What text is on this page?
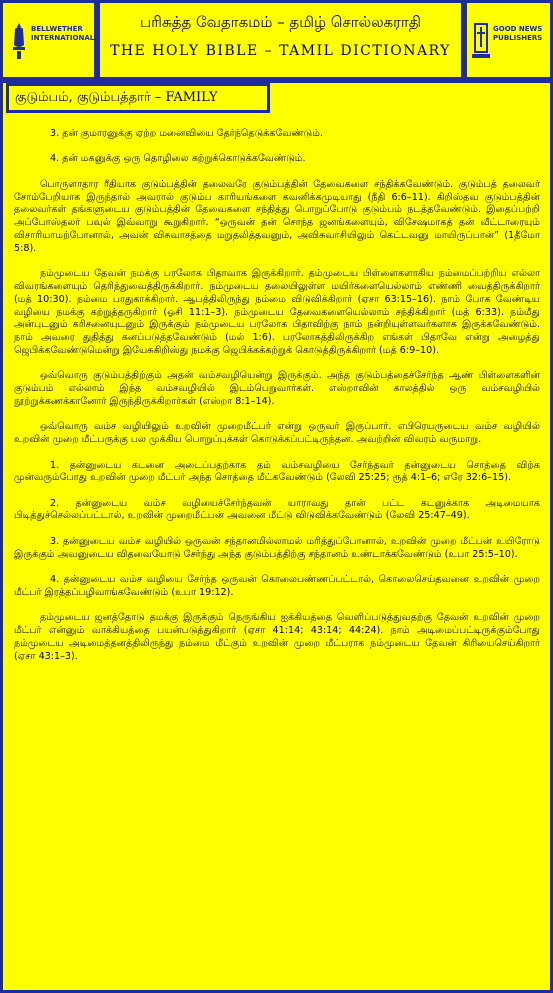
BELLWETHER
INTERNATIONAL
பரிசுத்த வேதாகமம் – தமிழ் சொல்லகராதி
THE HOLY BIBLE – TAMIL DICTIONARY
GOOD NEWS
PUBLISHERS
குடும்பம், குடும்பத்தார் – FAMILY

3. தன் குமாரனுக்கு ஏற்ற மனைவியை தேர்ந்தெடுக்கவேண்டும்.

4. தன் மகனுக்கு ஒரு தொழிலை கற்றுக்கொடுக்கவேண்டும்.

பொருளாதார ரீதியாக குடும்பத்தின் தலைவரே குடும்பத்தின் தேவைகளை சந்திக்கவேண்டும். குடும்பத் தலைவர் சோம்பேறியாக இருந்தால் அவரால் குடும்ப காரியங்களை கவனிக்கமுடியாது (நீதி 6:6–11). கிறிஸ்தவ குடும்பத்தின் தலைவர்கள் தங்களுடைய குடும்பத்தின் தேவைகளை சந்தித்து பொறுப்போடு குடும்பம் நடத்தவேண்டும். இதைப்பற்றி அப்போஸ்தலர் பவுல் இவ்வாறு கூறுகிறார். “ஒருவன் தன் சொந்த ஜனங்களையும், விசேஷமாகத் தன் வீட்டாரையும் விசாரியாமற்போனால், அவன் விசுவாசத்தை மறுதலித்தவனும், அவிசுவாசியிலும் கெட்டவனு மாயிருப்பான்” (1தீமோ 5:8).

நம்முடைய தேவன் நமக்கு பரலோக பிதாவாக இருக்கிறார். தம்முடைய பிள்ளைகளாகிய நம்மைப்பற்றிய எல்லா விவரங்களையும் தெரிந்துவைத்திருக்கிறார். நம்முடைய தலையிலுள்ள மயிர்களையெல்லாம் எண்ணி வைத்திருக்கிறார் (மத் 10:30). நம்மை பாதுகாக்கிறார். ஆபத்திலிருந்து நம்மை விடுவிக்கிறார் (ஏசா 63:15–16). நாம் போக வேண்டிய வழியை நமக்கு கற்றுத்தருகிறார் (ஓசி 11:1–3). நம்முடைய தேவைகளையெல்லாம் சந்திக்கிறார் (மத் 6:33). நம்மீது அன்புடனும் கரிசனையுடனும் இருக்கும் நம்முடைய பரலோக பிதாவிற்கு நாம் நன்றியுள்ளவர்களாக இருக்கவேண்டும். நாம் அவரை துதித்து கனப்படுத்தவேண்டும் (மல் 1:6). பரலோகத்திலிருக்கிற எங்கள் பிதாவே என்று அழைத்து ஜெபிக்கவேண்டுமென்று இயேசுகிறிஸ்து நமக்கு ஜெபிக்கக்கற்றுக் கொடுத்திருக்கிறார் (மத் 6:9–10).

ஒவ்வொரு குடும்பத்திற்கும் அதன் வம்சவழியென்று இருக்கும். அந்த குடும்பத்தைச்சேர்ந்த ஆண் பிள்ளைகளின் குடும்பம் எல்லாம் இந்த வம்சவழியில் இடம்பெறுவார்கள். எஸ்றாவின் காலத்தில் ஒரு வம்சவழியில் நூற்றுக்கணக்கானோர் இருந்திருக்கிறார்கள் (எஸ்றா 8:1–14).

ஒவ்வொரு வம்ச வழியிலும் உறவின் முறைமீட்பர் என்று ஒருவர் இருப்பார். எபிரெயருடைய வம்ச வழியில் உறவின் முறை மீட்பருக்கு பல முக்கிய பொறுப்புக்கள் கொடுக்கப்பட்டிருந்தன. அவற்றின் விவரம் வருமாறு.

1. தன்னுடைய கடனை அடைப்பதற்காக தம் வம்சவழியை சேர்ந்தவர் தன்னுடைய சொத்தை விற்க முன்வரும்போது உறவின் முறை மீட்பர் அந்த சொத்தை மீட்கவேண்டும் (லேவி 25:25; ரூத் 4:1–6; எரே 32:6–15).

2. தன்னுடைய வம்ச வழியைச்சேர்ந்தவன் யாராவது தான் பட்ட கடனுக்காக அடிமையாக பிடித்துச்செல்லப்பட்டால், உறவின் முறைமீட்பன் அவனை மீட்டு விடுவிக்கவேண்டும் (லேவி 25:47–49).

3. தன்னுடைய வம்ச வழியில் ஒருவன் சந்தானமில்லாமல் மரித்துப்போனால், உறவின் முறை மீட்பன் உயிரோடு இருக்கும் அவனுடைய விதவையோடு சேர்ந்து அந்த குடும்பத்திற்கு சந்தானம் உண்டாக்கவேண்டும் (உபா 25:5–10).

4. தன்னுடைய வம்ச வழியை சேர்ந்த ஒருவன் கொலைபண்ணப்பட்டால், கொலைசெய்தவனை உறவின் முறை மீட்பர் இரத்தப்பழிவாங்கவேண்டும் (உபா 19:12).

தம்முடைய ஜனத்தோடு தமக்கு இருக்கும் நெருங்கிய ஐக்கியத்தை வெளிப்படுத்துவதற்கு தேவன் உறவின் முறை மீட்பர் என்னும் வாக்கியத்தை பயன்படுத்துகிறார் (ஏசா 41:14; 43:14; 44:24). நாம் அடிமைப்பட்டிருக்கும்போது நம்முடைய அடிமைத்தனத்திலிருந்து நம்மை மீட்கும் உறவின் முறை மீட்பராக நம்முடைய தேவன் கிரியைசெய்கிறார் (ஏசா 43:1–3).
